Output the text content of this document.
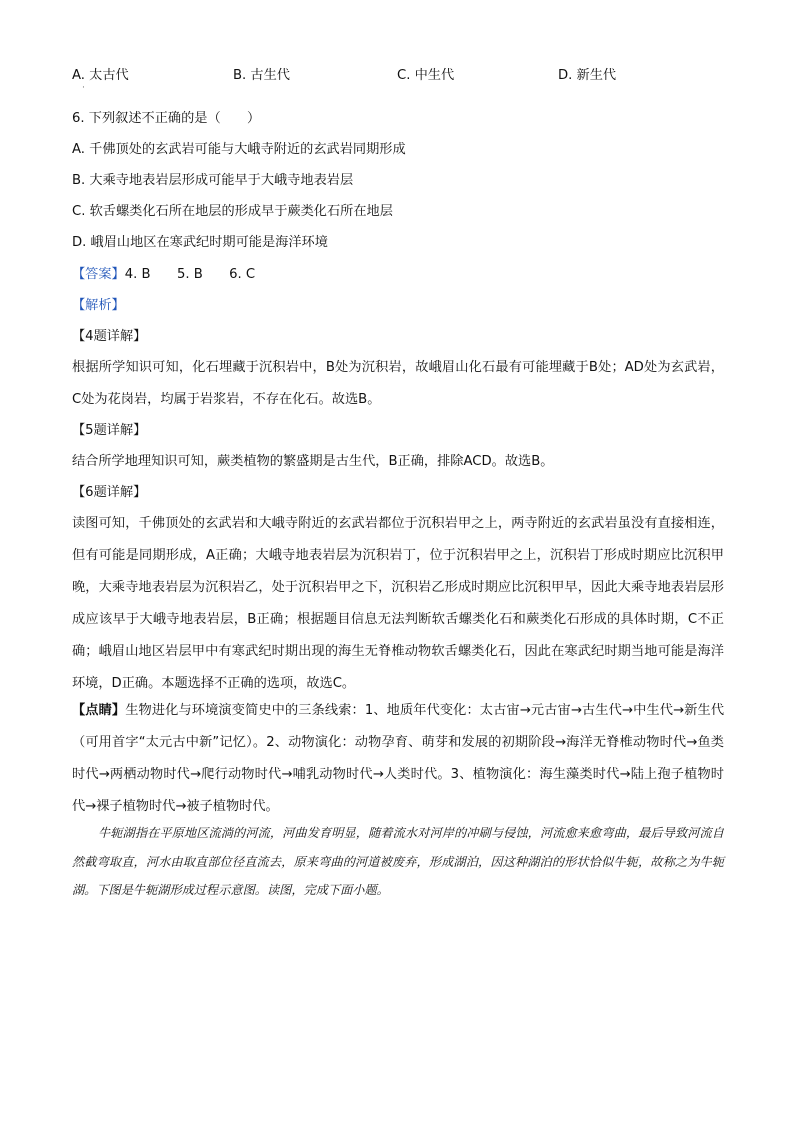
A. 太古代
·
B. 古生代	C. 中生代	D. 新生代
6. 下列叙述不正确的是（　　）
A. 千佛顶处的玄武岩可能与大峨寺附近的玄武岩同期形成
B. 大乘寺地表岩层形成可能早于大峨寺地表岩层
C. 软舌螺类化石所在地层的形成早于蕨类化石所在地层
D. 峨眉山地区在寒武纪时期可能是海洋环境
【答案】4. B　　5. B　　6. C
【解析】
【4题详解】
根据所学知识可知，化石埋藏于沉积岩中，B处为沉积岩，故峨眉山化石最有可能埋藏于B处；AD处为玄武岩，C处为花岗岩，均属于岩浆岩，不存在化石。故选B。
【5题详解】
结合所学地理知识可知，蕨类植物的繁盛期是古生代，B正确，排除ACD。故选B。
【6题详解】
读图可知，千佛顶处的玄武岩和大峨寺附近的玄武岩都位于沉积岩甲之上，两寺附近的玄武岩虽没有直接相连，但有可能是同期形成，A正确；大峨寺地表岩层为沉积岩丁，位于沉积岩甲之上，沉积岩丁形成时期应比沉积甲晚，大乘寺地表岩层为沉积岩乙，处于沉积岩甲之下，沉积岩乙形成时期应比沉积甲早，因此大乘寺地表岩层形成应该早于大峨寺地表岩层，B正确；根据题目信息无法判断软舌螺类化石和蕨类化石形成的具体时期，C不正确；峨眉山地区岩层甲中有寒武纪时期出现的海生无脊椎动物软舌螺类化石，因此在寒武纪时期当地可能是海洋环境，D正确。本题选择不正确的选项，故选C。
【点睛】生物进化与环境演变简史中的三条线索：1、地质年代变化：太古宙→元古宙→古生代→中生代→新生代（可用首字“太元古中新”记忆）。2、动物演化：动物孕育、萌芽和发展的初期阶段→海洋无脊椎动物时代→鱼类时代→两栖动物时代→爬行动物时代→哺乳动物时代→人类时代。3、植物演化：海生藻类时代→陆上孢子植物时代→裸子植物时代→被子植物时代。
牛轭湖指在平原地区流淌的河流，河曲发育明显，随着流水对河岸的冲刷与侵蚀，河流愈来愈弯曲，最后导致河流自然截弯取直，河水由取直部位径直流去，原来弯曲的河道被废弃，形成湖泊，因这种湖泊的形状恰似牛轭，故称之为牛轭湖。下图是牛轭湖形成过程示意图。读图，完成下面小题。
